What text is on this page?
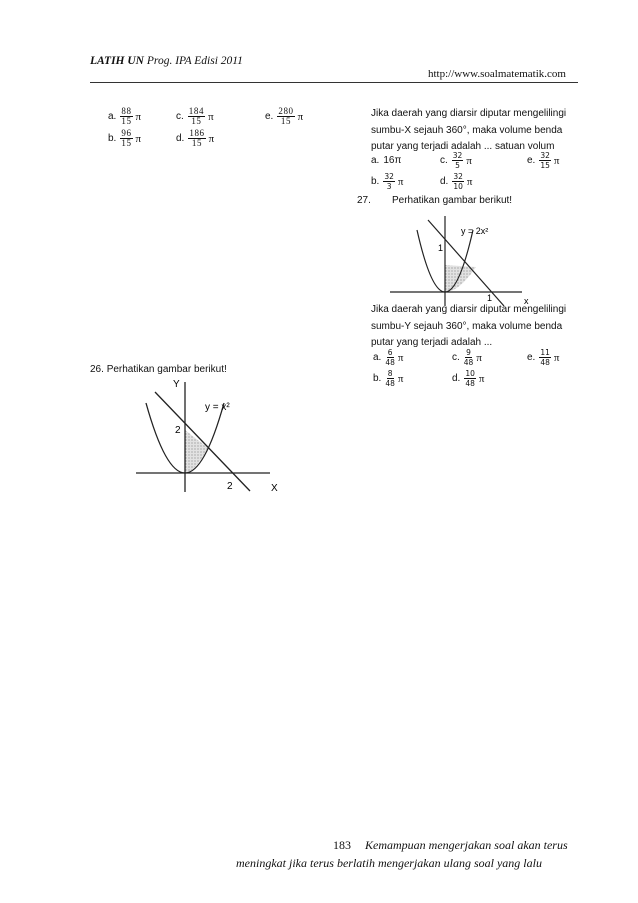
LATIH UN Prog. IPA Edisi 2011
http://www.soalmatematik.com
a. $\frac{88}{15}$ π
b. $\frac{96}{15}$ π
c. $\frac{184}{15}$ π
d. $\frac{186}{15}$ π
e. $\frac{280}{15}$ π
26. Perhatikan gambar berikut!
Y
X
y = x²
2
2
Jika daerah yang diarsir diputar mengelilingi
sumbu-X sejauh 360°, maka volume benda
putar yang terjadi adalah ... satuan volum
a. 16π	c. $\frac{32}{5}$ π	e. $\frac{32}{15}$ π
b. $\frac{32}{3}$ π	d. $\frac{32}{10}$ π
27. Perhatikan gambar berikut!
y = 2x²
1
1	x
Jika daerah yang diarsir diputar mengelilingi
sumbu-Y sejauh 360°, maka volume benda
putar yang terjadi adalah ...
a. $\frac{6}{48}$ π	c. $\frac{9}{48}$ π	e. $\frac{11}{48}$ π
b. $\frac{8}{48}$ π	d. $\frac{10}{48}$ π
183 Kemampuan mengerjakan soal akan terus
meningkat jika terus berlatih mengerjakan ulang soal yang lalu
